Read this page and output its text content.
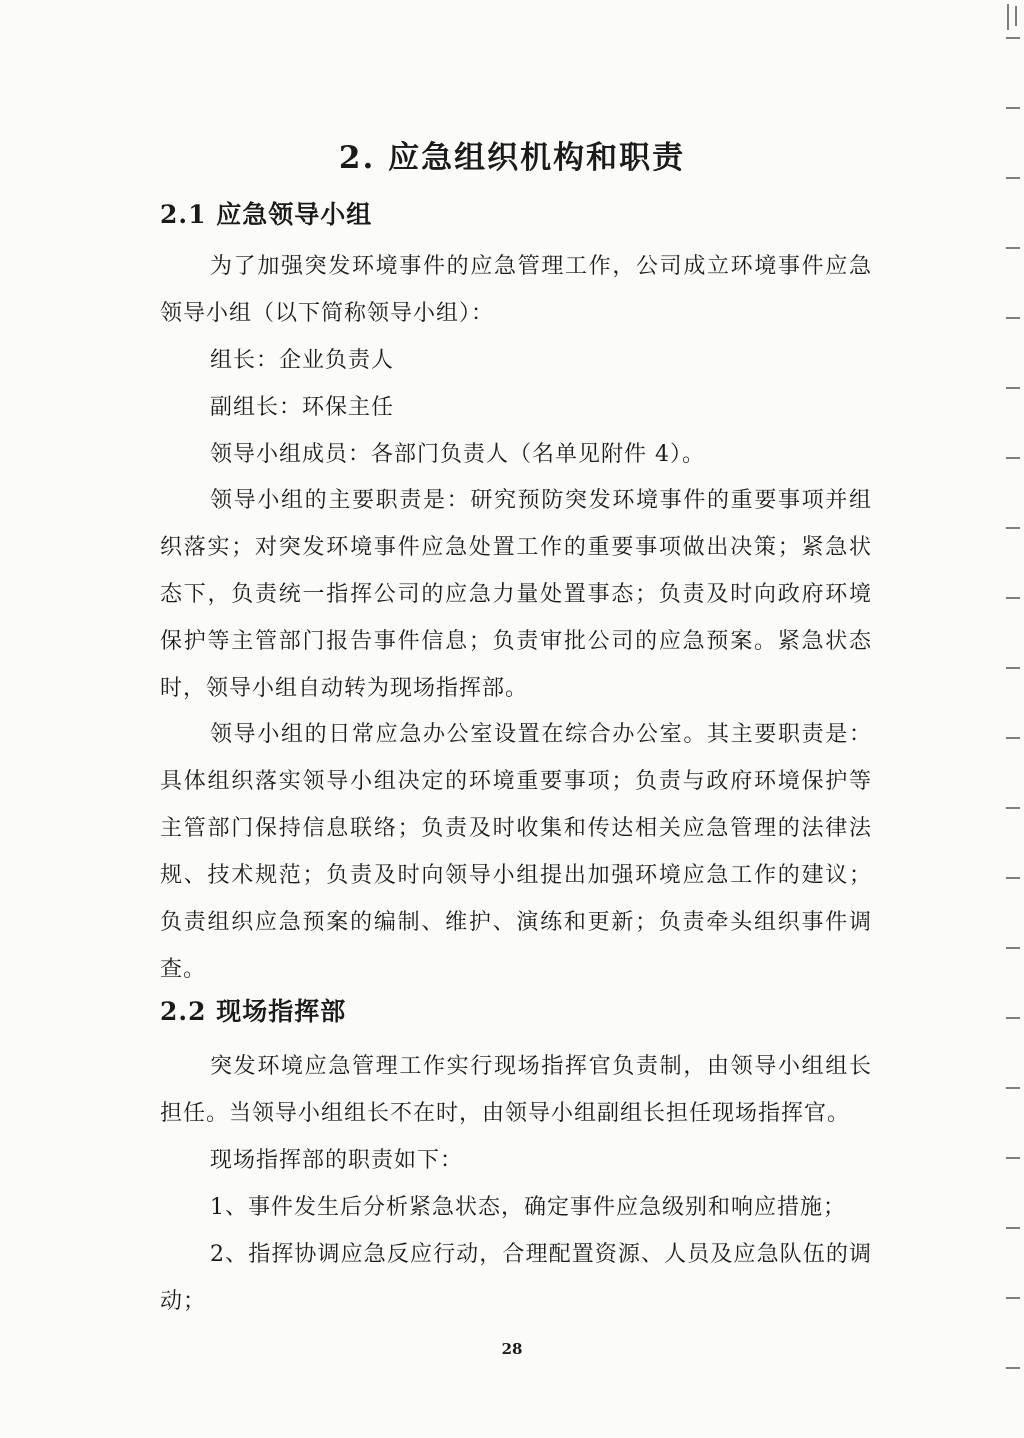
2. 应急组织机构和职责
2.1 应急领导小组

为了加强突发环境事件的应急管理工作，公司成立环境事件应急领导小组（以下简称领导小组）：

组长：企业负责人

副组长：环保主任

领导小组成员：各部门负责人（名单见附件 4）。

领导小组的主要职责是：研究预防突发环境事件的重要事项并组织落实；对突发环境事件应急处置工作的重要事项做出决策；紧急状态下，负责统一指挥公司的应急力量处置事态；负责及时向政府环境保护等主管部门报告事件信息；负责审批公司的应急预案。紧急状态时，领导小组自动转为现场指挥部。

领导小组的日常应急办公室设置在综合办公室。其主要职责是：具体组织落实领导小组决定的环境重要事项；负责与政府环境保护等主管部门保持信息联络；负责及时收集和传达相关应急管理的法律法规、技术规范；负责及时向领导小组提出加强环境应急工作的建议；负责组织应急预案的编制、维护、演练和更新；负责牵头组织事件调查。

2.2 现场指挥部

突发环境应急管理工作实行现场指挥官负责制，由领导小组组长担任。当领导小组组长不在时，由领导小组副组长担任现场指挥官。

现场指挥部的职责如下：

1、事件发生后分析紧急状态，确定事件应急级别和响应措施；

2、指挥协调应急反应行动，合理配置资源、人员及应急队伍的调动；

28
